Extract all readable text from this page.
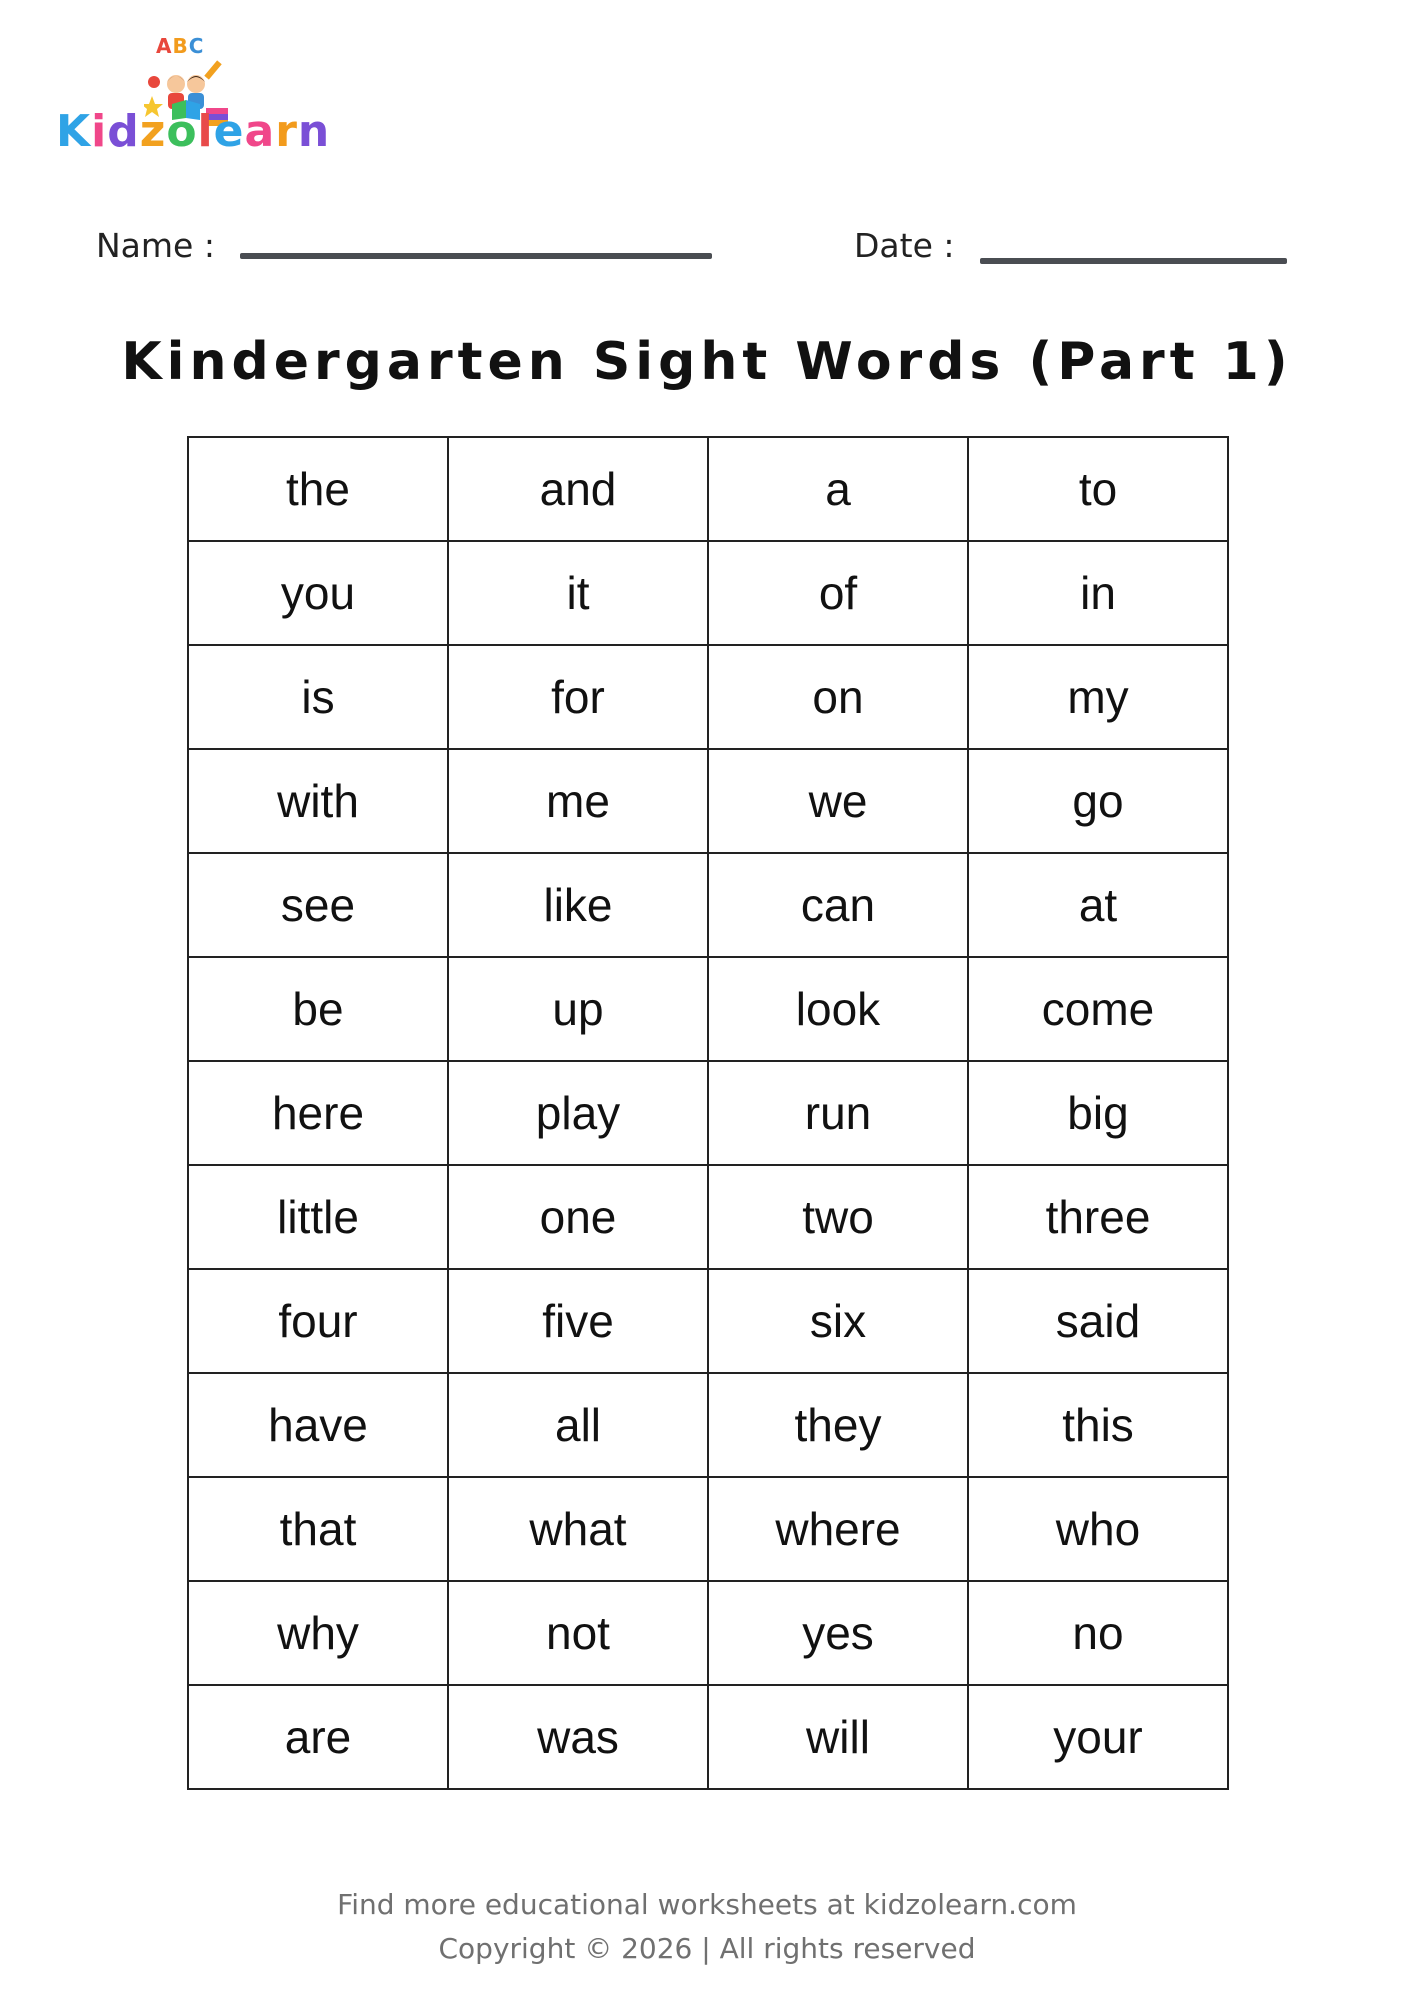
ABC
Kidzolearn
Name :	Date :
Kindergarten Sight Words (Part 1)
the	and	a	to
you	it	of	in
is	for	on	my
with	me	we	go
see	like	can	at
be	up	look	come
here	play	run	big
little	one	two	three
four	five	six	said
have	all	they	this
that	what	where	who
why	not	yes	no
are	was	will	your
Find more educational worksheets at kidzolearn.com
Copyright © 2026 | All rights reserved
